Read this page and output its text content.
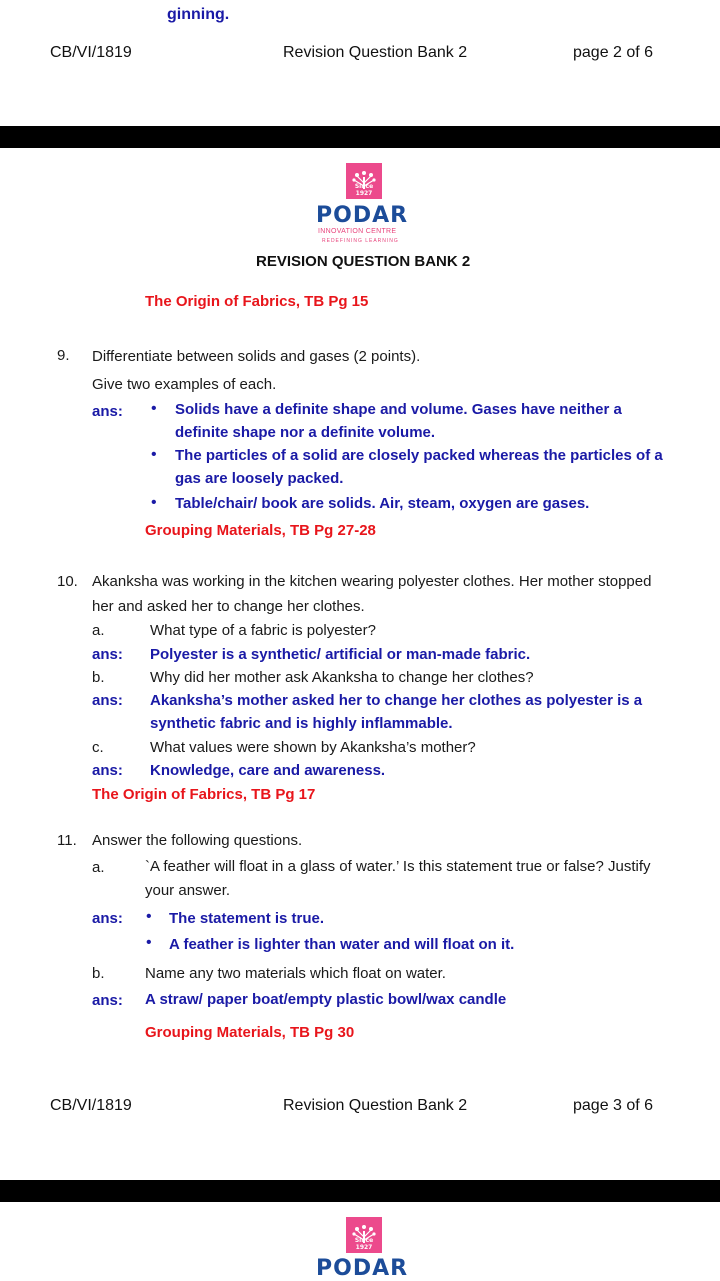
ginning.
CB/VI/1819	Revision Question Bank 2	page 2 of 6
Since 1927
PODAR
INNOVATION CENTRE
REDEFINING LEARNING
REVISION QUESTION BANK 2
The Origin of Fabrics, TB Pg 15
9. Differentiate between solids and gases (2 points).
Give two examples of each.
ans: • Solids have a definite shape and volume. Gases have neither a
definite shape nor a definite volume.
• The particles of a solid are closely packed whereas the particles of a
gas are loosely packed.
• Table/chair/ book are solids. Air, steam, oxygen are gases.
Grouping Materials, TB Pg 27-28
10. Akanksha was working in the kitchen wearing polyester clothes. Her mother stopped
her and asked her to change her clothes.
a.	What type of a fabric is polyester?
ans: Polyester is a synthetic/ artificial or man-made fabric.
b.	Why did her mother ask Akanksha to change her clothes?
ans: Akanksha’s mother asked her to change her clothes as polyester is a
synthetic fabric and is highly inflammable.
c.	What values were shown by Akanksha’s mother?
ans: Knowledge, care and awareness.
The Origin of Fabrics, TB Pg 17
11. Answer the following questions.
a.	`A feather will float in a glass of water.’ Is this statement true or false? Justify
your answer.
ans: • The statement is true.
• A feather is lighter than water and will float on it.
b.	Name any two materials which float on water.
ans: A straw/ paper boat/empty plastic bowl/wax candle
Grouping Materials, TB Pg 30
CB/VI/1819	Revision Question Bank 2	page 3 of 6
Since 1927
PODAR
